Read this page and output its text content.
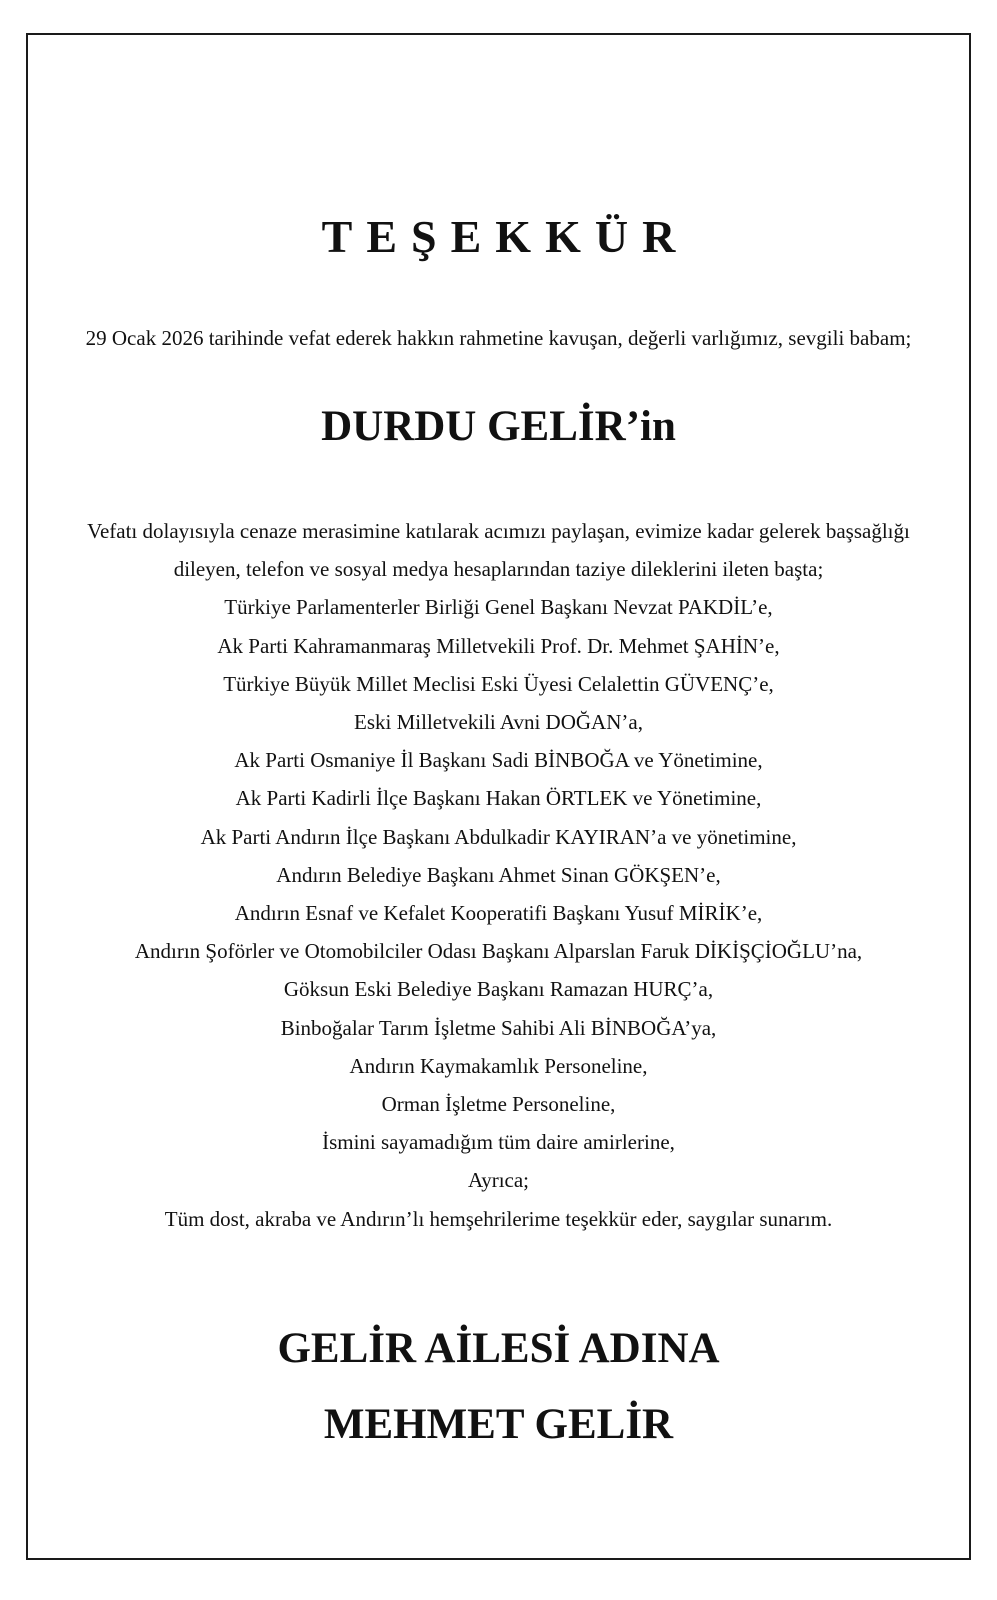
TEŞEKKÜR
29 Ocak 2026 tarihinde vefat ederek hakkın rahmetine kavuşan, değerli varlığımız, sevgili babam;
DURDU GELİR’in
Vefatı dolayısıyla cenaze merasimine katılarak acımızı paylaşan, evimize kadar gelerek başsağlığı
dileyen, telefon ve sosyal medya hesaplarından taziye dileklerini ileten başta;
Türkiye Parlamenterler Birliği Genel Başkanı Nevzat PAKDİL’e,
Ak Parti Kahramanmaraş Milletvekili Prof. Dr. Mehmet ŞAHİN’e,
Türkiye Büyük Millet Meclisi Eski Üyesi Celalettin GÜVENÇ’e,
Eski Milletvekili Avni DOĞAN’a,
Ak Parti Osmaniye İl Başkanı Sadi BİNBOĞA ve Yönetimine,
Ak Parti Kadirli İlçe Başkanı Hakan ÖRTLEK ve Yönetimine,
Ak Parti Andırın İlçe Başkanı Abdulkadir KAYIRAN’a ve yönetimine,
Andırın Belediye Başkanı Ahmet Sinan GÖKŞEN’e,
Andırın Esnaf ve Kefalet Kooperatifi Başkanı Yusuf MİRİK’e,
Andırın Şoförler ve Otomobilciler Odası Başkanı Alparslan Faruk DİKİŞÇİOĞLU’na,
Göksun Eski Belediye Başkanı Ramazan HURÇ’a,
Binboğalar Tarım İşletme Sahibi Ali BİNBOĞA’ya,
Andırın Kaymakamlık Personeline,
Orman İşletme Personeline,
İsmini sayamadığım tüm daire amirlerine,
Ayrıca;
Tüm dost, akraba ve Andırın’lı hemşehrilerime teşekkür eder, saygılar sunarım.
GELİR AİLESİ ADINA
MEHMET GELİR
